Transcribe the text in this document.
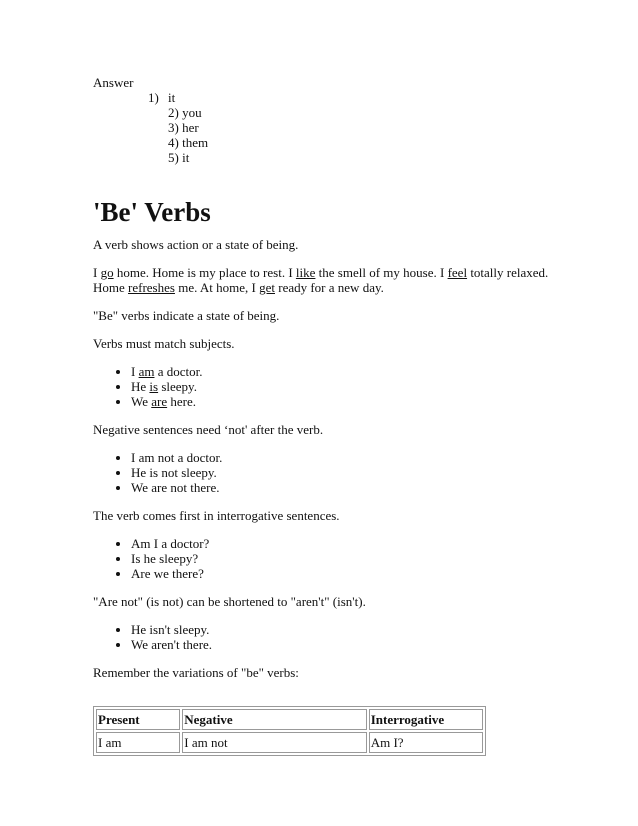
Answer
1) it
2) you
3) her
4) them
5) it
'Be' Verbs

A verb shows action or a state of being.

I go home. Home is my place to rest. I like the smell of my house. I feel totally relaxed. Home refreshes me. At home, I get ready for a new day.

"Be" verbs indicate a state of being.

Verbs must match subjects.

• I am a doctor.
• He is sleepy.
• We are here.

Negative sentences need ‘not' after the verb.

• I am not a doctor.
• He is not sleepy.
• We are not there.

The verb comes first in interrogative sentences.

• Am I a doctor?
• Is he sleepy?
• Are we there?

"Are not" (is not) can be shortened to "aren't" (isn't).

• He isn't sleepy.
• We aren't there.

Remember the variations of "be" verbs:

Present	Negative	Interrogative
I am	I am not	Am I?
